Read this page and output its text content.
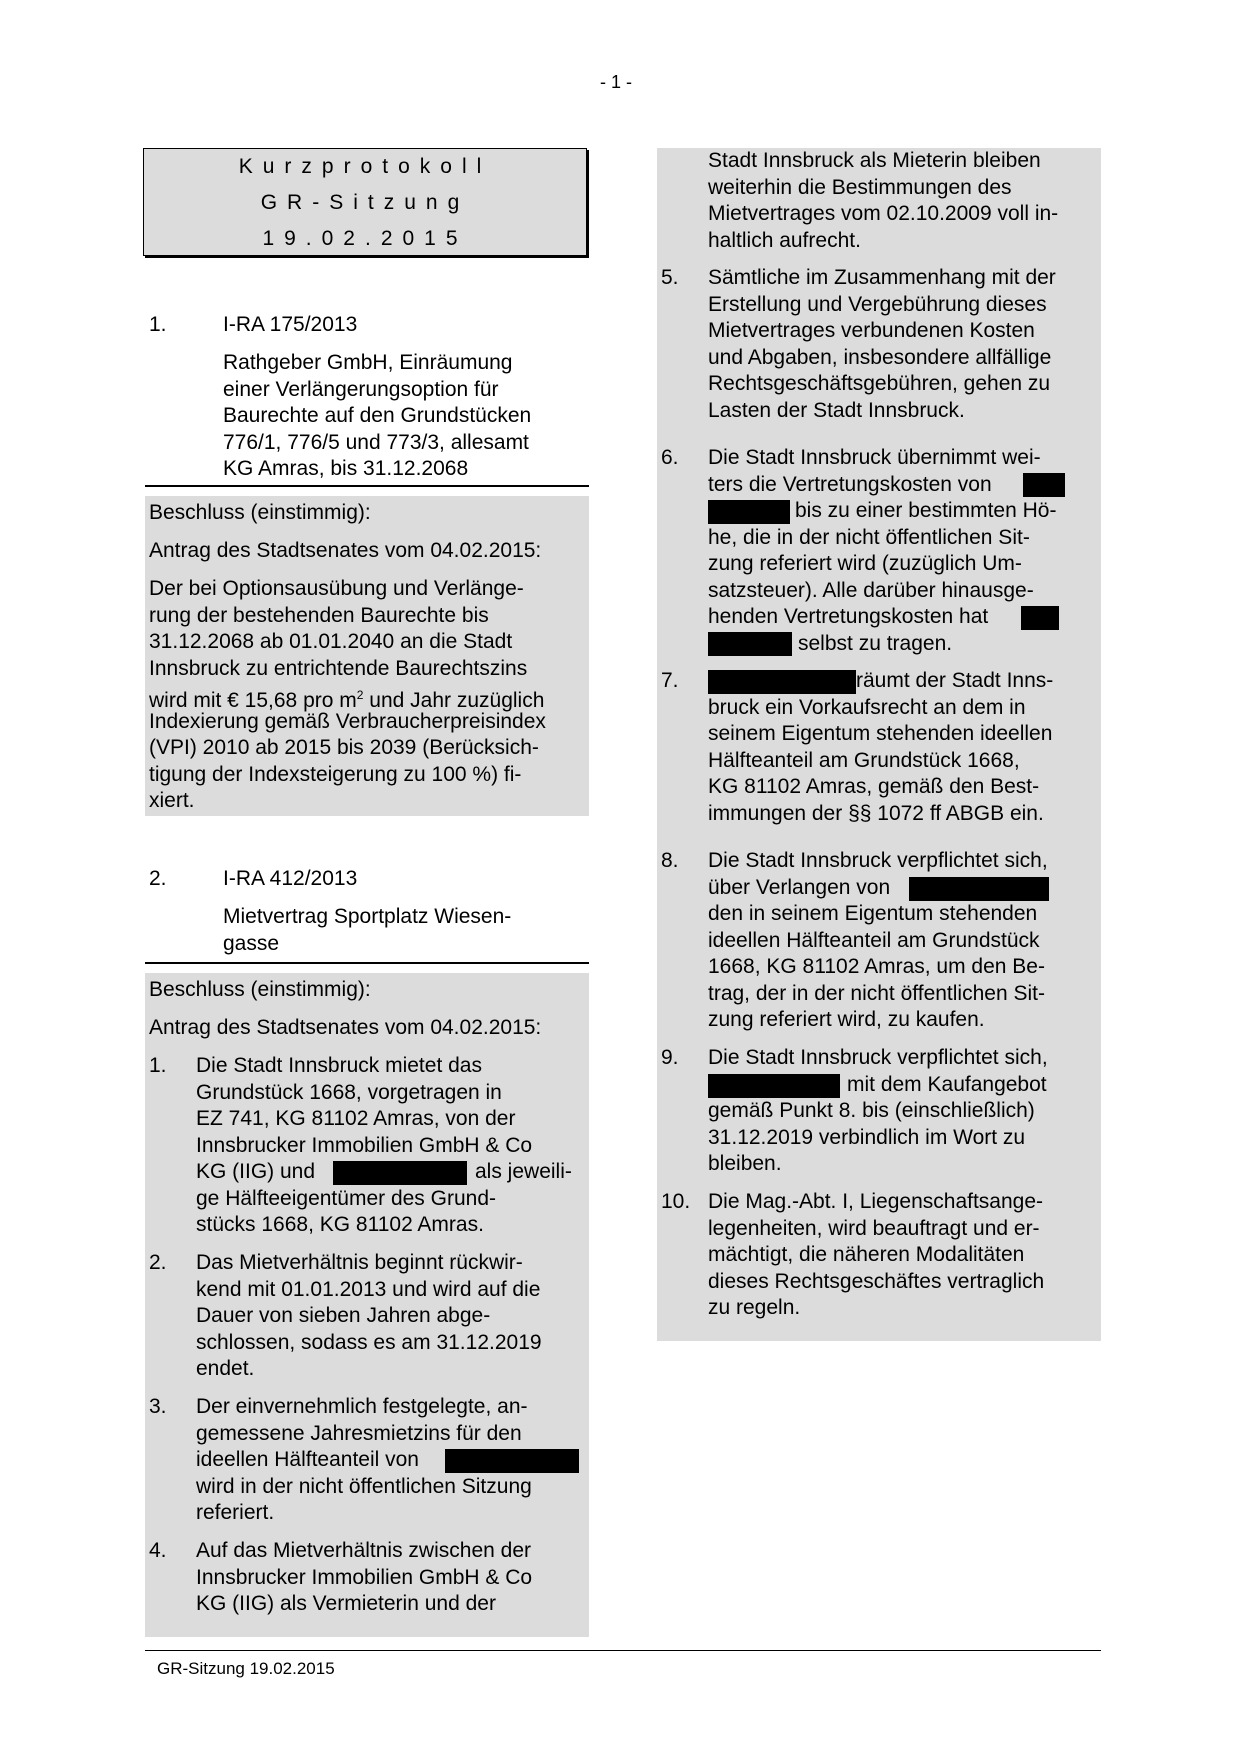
- 1 -
Kurzprotokoll
GR-Sitzung
19.02.2015
1.	I-RA 175/2013
Rathgeber GmbH, Einräumung
einer Verlängerungsoption für
Baurechte auf den Grundstücken
776/1, 776/5 und 773/3, allesamt
KG Amras, bis 31.12.2068
Beschluss (einstimmig):
Antrag des Stadtsenates vom 04.02.2015:
Der bei Optionsausübung und Verlänge-
rung der bestehenden Baurechte bis
31.12.2068 ab 01.01.2040 an die Stadt
Innsbruck zu entrichtende Baurechtszins
wird mit € 15,68 pro $m^2$ und Jahr zuzüglich
Indexierung gemäß Verbraucherpreisindex
(VPI) 2010 ab 2015 bis 2039 (Berücksich-
tigung der Indexsteigerung zu 100 %) fi-
xiert.
2.	I-RA 412/2013
Mietvertrag Sportplatz Wiesen-
gasse
Beschluss (einstimmig):
Antrag des Stadtsenates vom 04.02.2015:
1. Die Stadt Innsbruck mietet das
Grundstück 1668, vorgetragen in
EZ 741, KG 81102 Amras, von der
Innsbrucker Immobilien GmbH & Co
KG (IIG) und	als jeweili-
ge Hälfteeigentümer des Grund-
stücks 1668, KG 81102 Amras.
2. Das Mietverhältnis beginnt rückwir-
kend mit 01.01.2013 und wird auf die
Dauer von sieben Jahren abge-
schlossen, sodass es am 31.12.2019
endet.
3. Der einvernehmlich festgelegte, an-
gemessene Jahresmietzins für den
ideellen Hälfteanteil von
wird in der nicht öffentlichen Sitzung
referiert.
4. Auf das Mietverhältnis zwischen der
Innsbrucker Immobilien GmbH & Co
KG (IIG) als Vermieterin und der
Stadt Innsbruck als Mieterin bleiben
weiterhin die Bestimmungen des
Mietvertrages vom 02.10.2009 voll in-
haltlich aufrecht.
5. Sämtliche im Zusammenhang mit der
Erstellung und Vergebührung dieses
Mietvertrages verbundenen Kosten
und Abgaben, insbesondere allfällige
Rechtsgeschäftsgebühren, gehen zu
Lasten der Stadt Innsbruck.
6. Die Stadt Innsbruck übernimmt wei-
ters die Vertretungskosten von
bis zu einer bestimmten Hö-
he, die in der nicht öffentlichen Sit-
zung referiert wird (zuzüglich Um-
satzsteuer). Alle darüber hinausge-
henden Vertretungskosten hat
selbst zu tragen.
7.	räumt der Stadt Inns-
bruck ein Vorkaufsrecht an dem in
seinem Eigentum stehenden ideellen
Hälfteanteil am Grundstück 1668,
KG 81102 Amras, gemäß den Best-
immungen der §§ 1072 ff ABGB ein.
8. Die Stadt Innsbruck verpflichtet sich,
über Verlangen von
den in seinem Eigentum stehenden
ideellen Hälfteanteil am Grundstück
1668, KG 81102 Amras, um den Be-
trag, der in der nicht öffentlichen Sit-
zung referiert wird, zu kaufen.
9. Die Stadt Innsbruck verpflichtet sich,
mit dem Kaufangebot
gemäß Punkt 8. bis (einschließlich)
31.12.2019 verbindlich im Wort zu
bleiben.
10. Die Mag.-Abt. I, Liegenschaftsange-
legenheiten, wird beauftragt und er-
mächtigt, die näheren Modalitäten
dieses Rechtsgeschäftes vertraglich
zu regeln.
GR-Sitzung 19.02.2015
